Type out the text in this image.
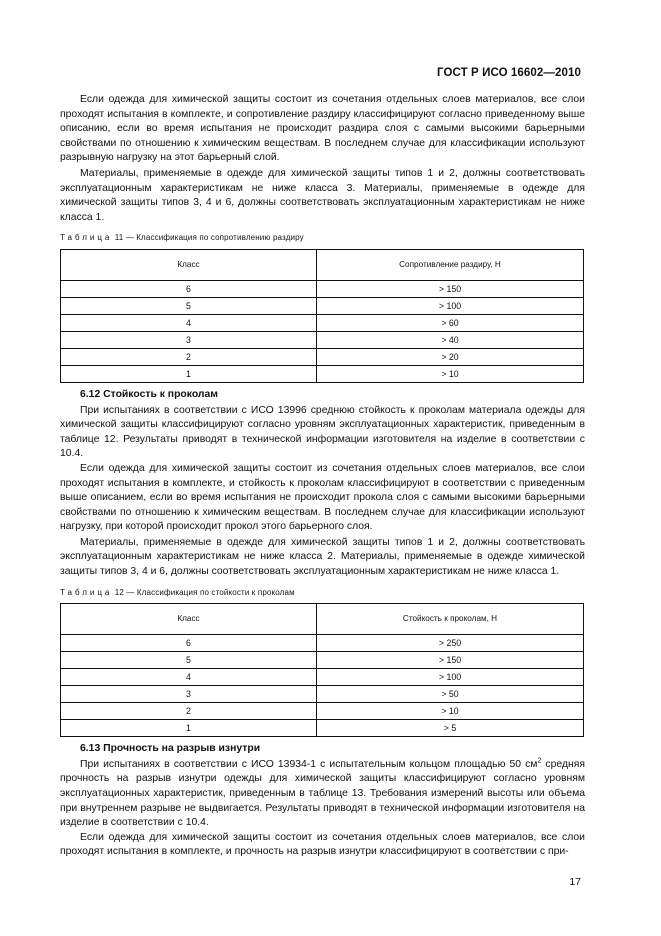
ГОСТ Р ИСО 16602—2010

Если одежда для химической защиты состоит из сочетания отдельных слоев материалов, все слои проходят испытания в комплекте, и сопротивление раздиру классифицируют согласно приведенному выше описанию, если во время испытания не происходит раздира слоя с самыми высокими барьерными свойствами по отношению к химическим веществам. В последнем случае для классификации используют разрывную нагрузку на этот барьерный слой.

Материалы, применяемые в одежде для химической защиты типов 1 и 2, должны соответствовать эксплуатационным характеристикам не ниже класса 3. Материалы, применяемые в одежде для химической защиты типов 3, 4 и 6, должны соответствовать эксплуатационным характеристикам не ниже класса 1.

Таблица 11 — Классификация по сопротивлению раздиру
Класс	Сопротивление раздиру, Н
6	> 150
5	> 100
4	> 60
3	> 40
2	> 20
1	> 10
6.12 Стойкость к проколам

При испытаниях в соответствии с ИСО 13996 среднюю стойкость к проколам материала одежды для химической защиты классифицируют согласно уровням эксплуатационных характеристик, приведенным в таблице 12. Результаты приводят в технической информации изготовителя на изделие в соответствии с 10.4.

Если одежда для химической защиты состоит из сочетания отдельных слоев материалов, все слои проходят испытания в комплекте, и стойкость к проколам классифицируют в соответствии с приведенным выше описанием, если во время испытания не происходит прокола слоя с самыми высокими барьерными свойствами по отношению к химическим веществам. В последнем случае для классификации используют нагрузку, при которой происходит прокол этого барьерного слоя.

Материалы, применяемые в одежде для химической защиты типов 1 и 2, должны соответствовать эксплуатационным характеристикам не ниже класса 2. Материалы, применяемые в одежде химической защиты типов 3, 4 и 6, должны соответствовать эксплуатационным характеристикам не ниже класса 1.

Таблица 12 — Классификация по стойкости к проколам
Класс	Стойкость к проколам, Н
6	> 250
5	> 150
4	> 100
3	> 50
2	> 10
1	> 5
6.13 Прочность на разрыв изнутри

При испытаниях в соответствии с ИСО 13934-1 с испытательным кольцом площадью 50 $см^2$ средняя прочность на разрыв изнутри одежды для химической защиты классифицируют согласно уровням эксплуатационных характеристик, приведенным в таблице 13. Требования измерений высоты или объема при внутреннем разрыве не выдвигается. Результаты приводят в технической информации изготовителя на изделие в соответствии с 10.4.

Если одежда для химической защиты состоит из сочетания отдельных слоев материалов, все слои проходят испытания в комплекте, и прочность на разрыв изнутри классифицируют в соответствии с при-

17
